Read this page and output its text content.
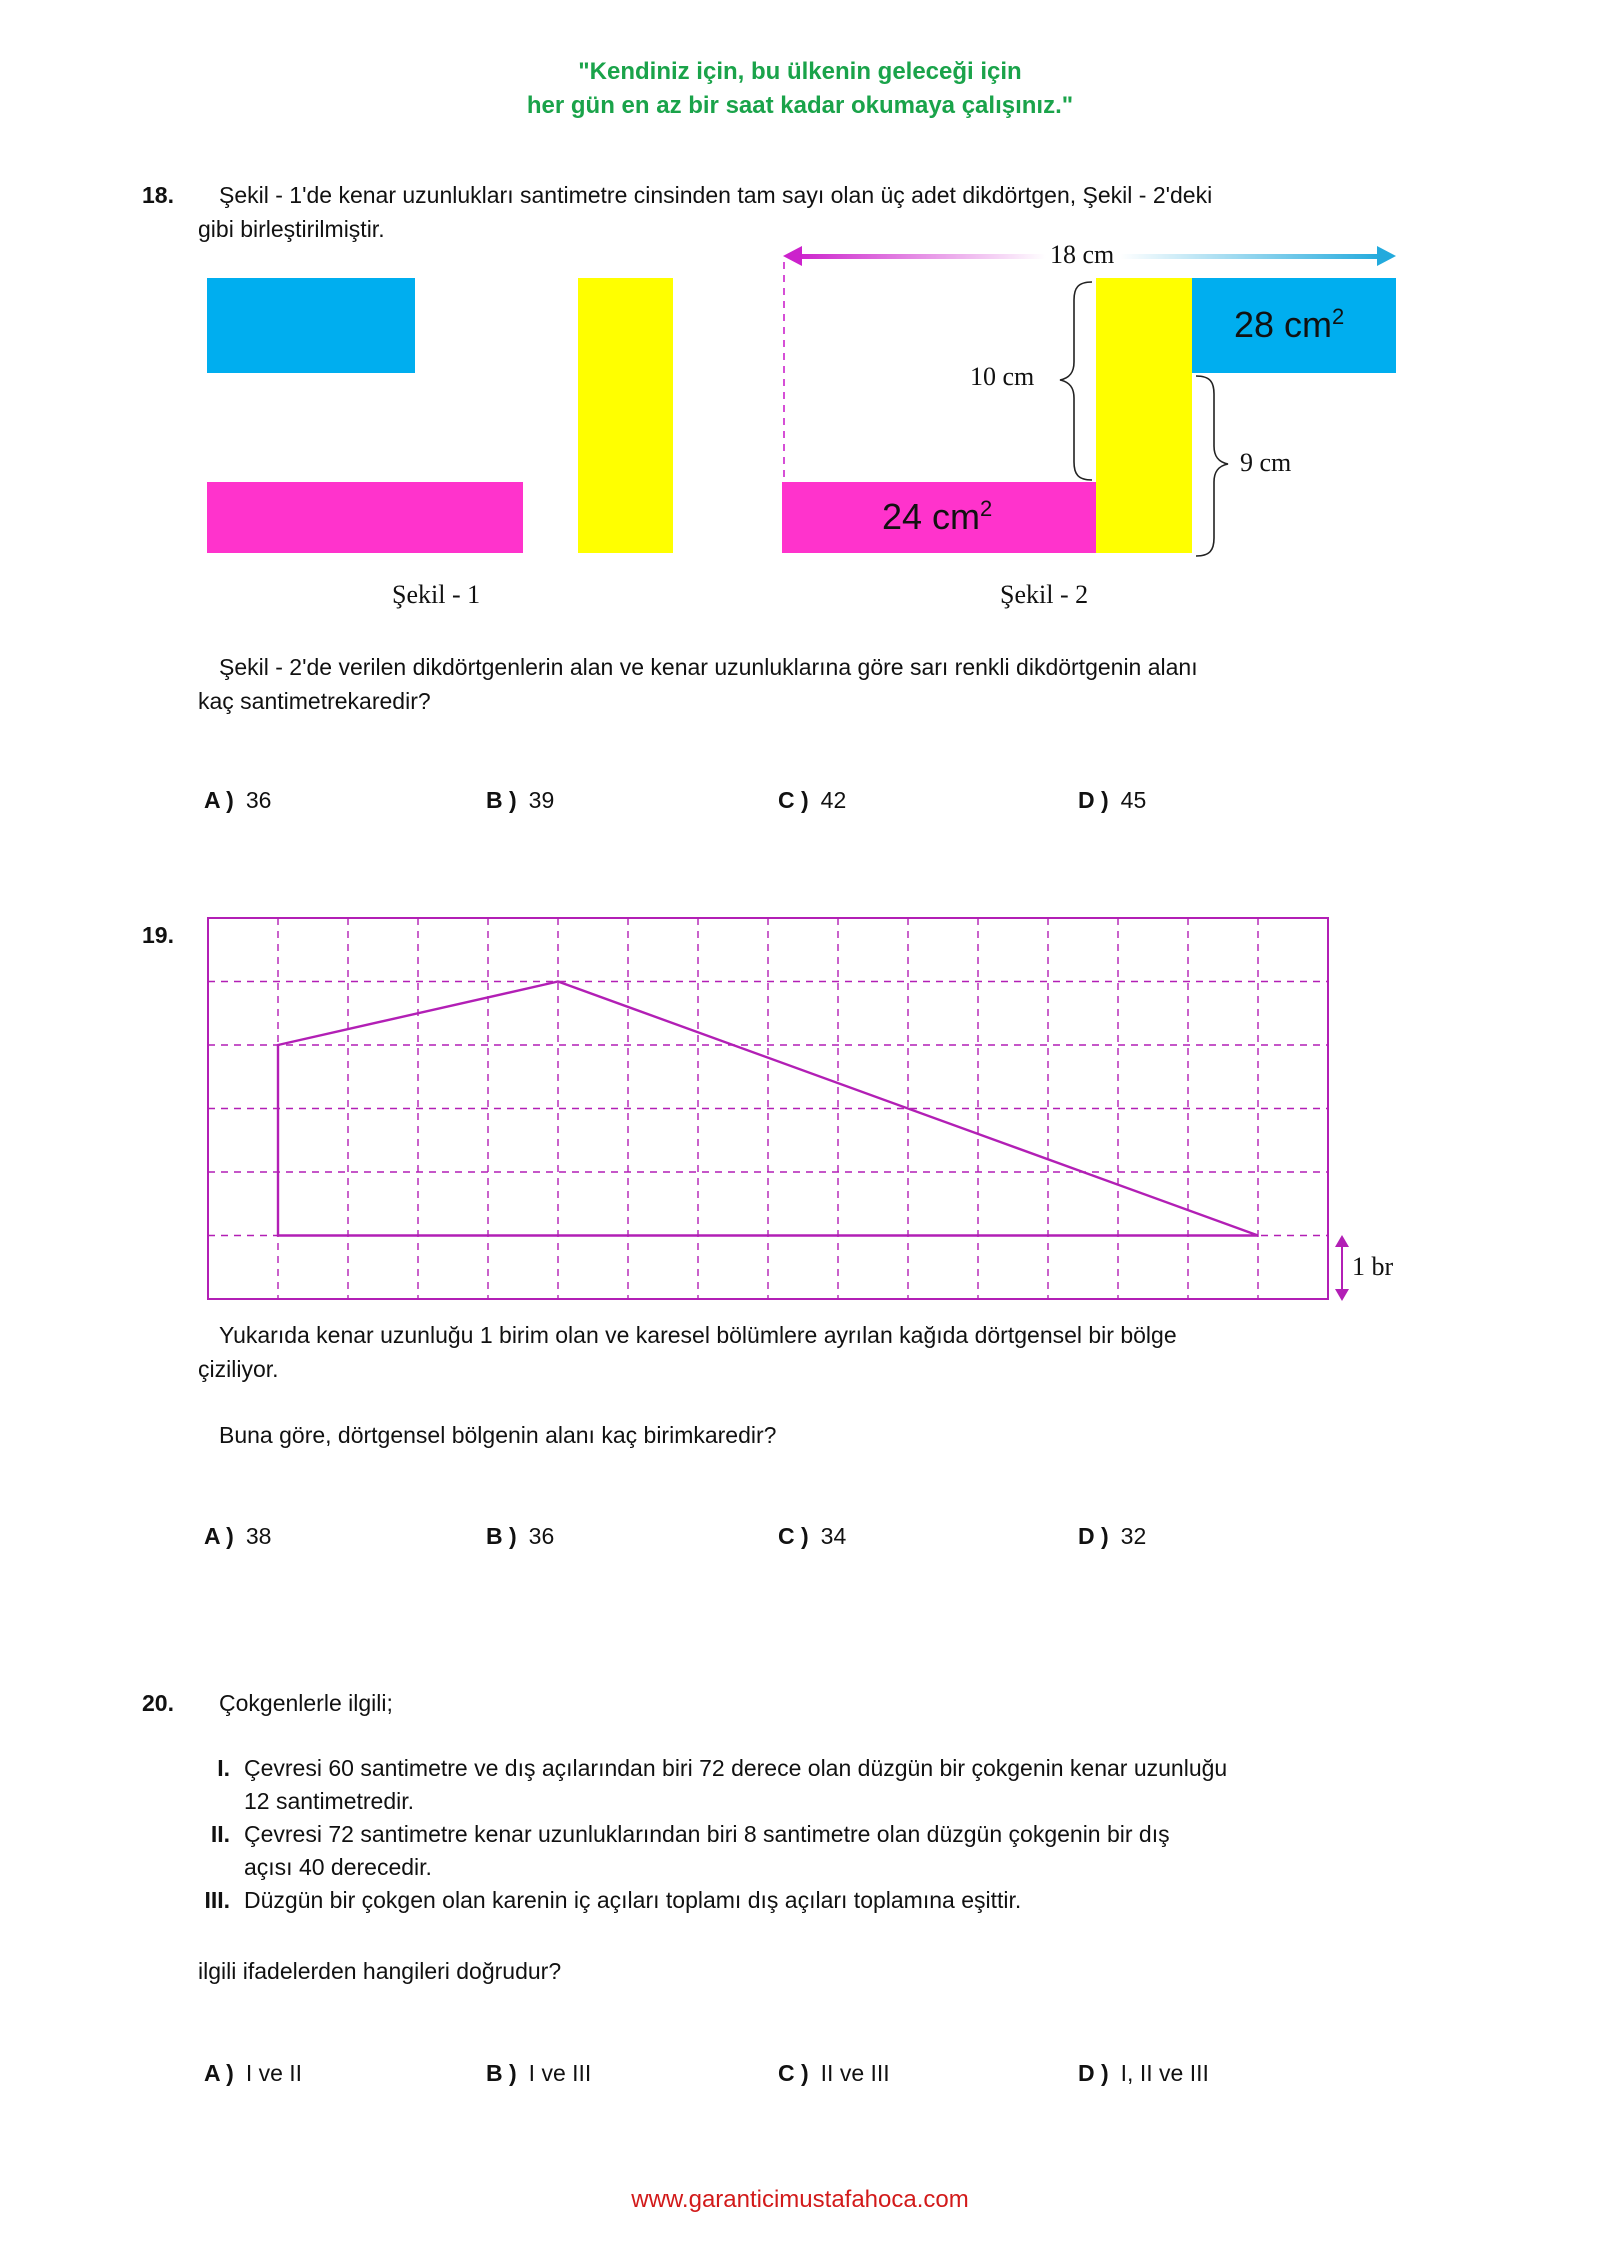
"Kendiniz için, bu ülkenin geleceği için
her gün en az bir saat kadar okumaya çalışınız."
18. Şekil - 1'de kenar uzunlukları santimetre cinsinden tam sayı olan üç adet dikdörtgen, Şekil - 2'deki
gibi birleştirilmiştir.
18 cm
10 cm
9 cm
28 $cm^2$
24 $cm^2$
Şekil - 1	Şekil - 2
Şekil - 2'de verilen dikdörtgenlerin alan ve kenar uzunluklarına göre sarı renkli dikdörtgenin alanı
kaç santimetrekaredir?
A ) 36	B ) 39	C ) 42	D ) 45
19.
1 br
Yukarıda kenar uzunluğu 1 birim olan ve karesel bölümlere ayrılan kağıda dörtgensel bir bölge
çiziliyor.
Buna göre, dörtgensel bölgenin alanı kaç birimkaredir?
A ) 38	B ) 36	C ) 34	D ) 32
20. Çokgenlerle ilgili;
I. Çevresi 60 santimetre ve dış açılarından biri 72 derece olan düzgün bir çokgenin kenar uzunluğu
12 santimetredir.
II. Çevresi 72 santimetre kenar uzunluklarından biri 8 santimetre olan düzgün çokgenin bir dış
açısı 40 derecedir.
III. Düzgün bir çokgen olan karenin iç açıları toplamı dış açıları toplamına eşittir.
ilgili ifadelerden hangileri doğrudur?
A ) I ve II	B ) I ve III	C ) II ve III	D ) I, II ve III
www.garanticimustafahoca.com
